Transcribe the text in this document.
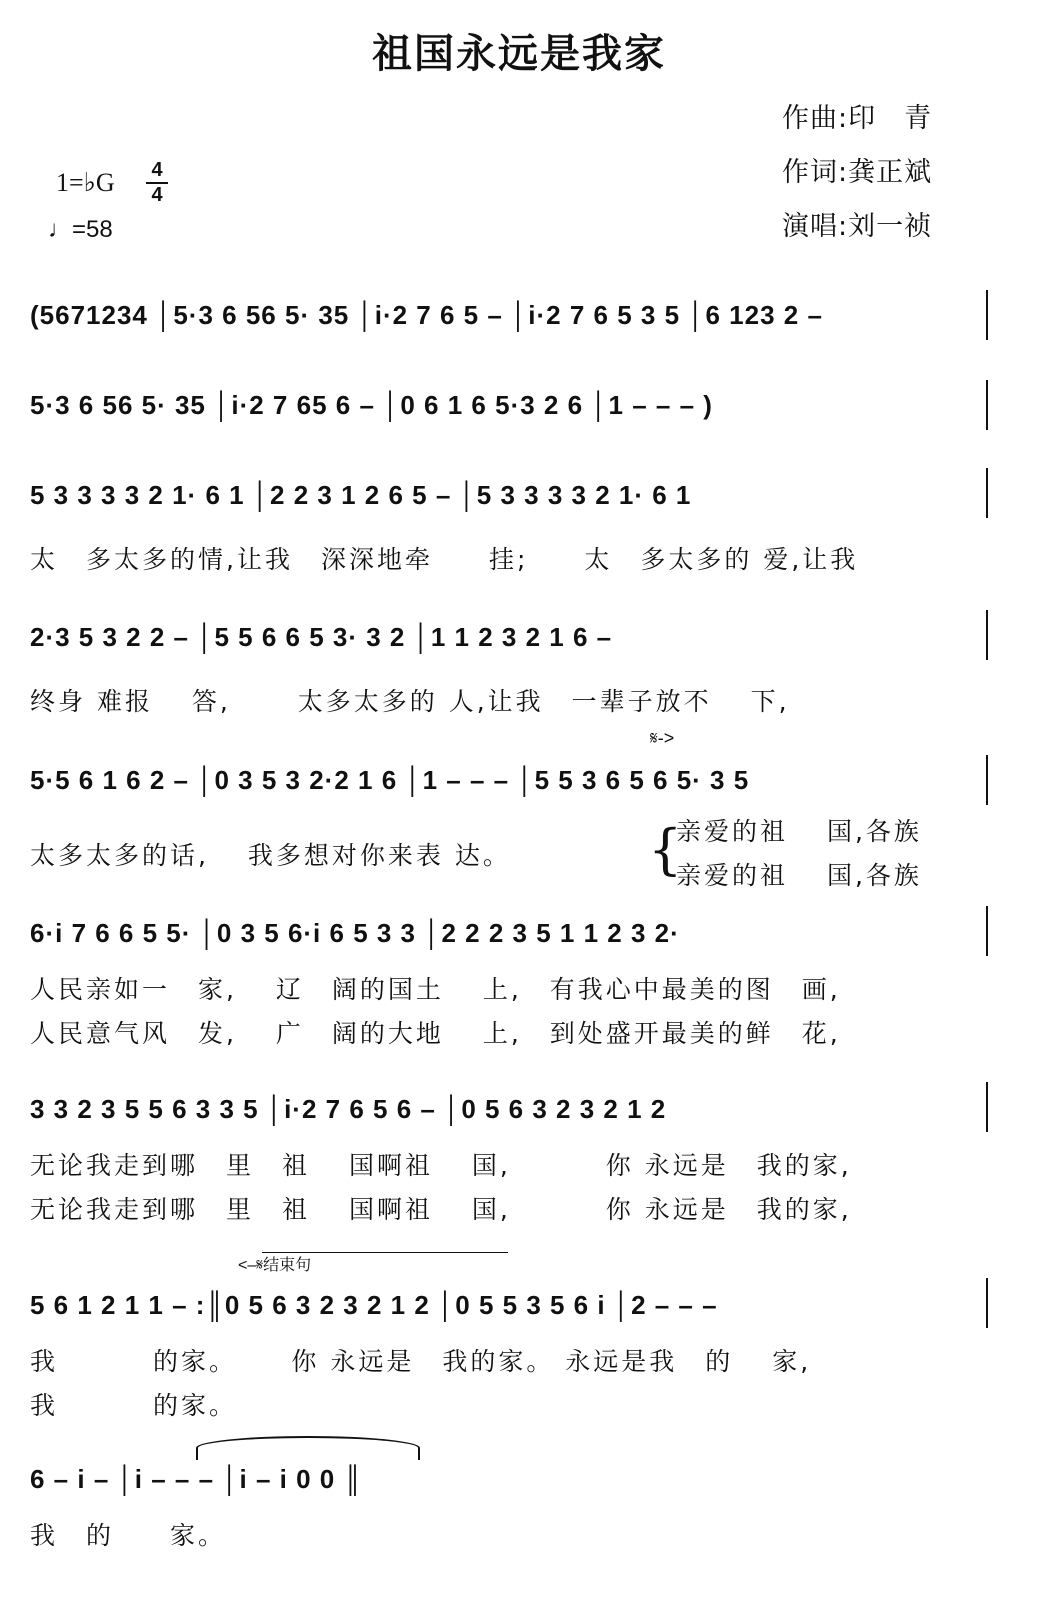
祖国永远是我家
作曲:印　青
作词:龚正斌
演唱:刘一祯
1=♭G 4
4
♩=58
(5671234 │5·3 6 56 5· 35 │i·2 7 6 5 – │i·2 7 6 5 3 5 │6 123 2 –
5·3 6 56 5· 35 │i·2 7 65 6 – │0 6 1 6 5·3 2 6 │1 – – – )
5 3 3 3 3 2 1· 6 1 │2 2 3 1 2 6 5 – │5 3 3 3 3 2 1· 6 1
太　多太多的情,让我　深深地牵　　挂;　　太　多太多的 爱,让我
2·3 5 3 2 2 – │5 5 6 6 5 3· 3 2 │1 1 2 3 2 1 6 –
终身 难报　 答,　　 太多太多的 人,让我　一辈子放不　 下,
𝄋->
5·5 6 1 6 2 – │0 3 5 3 2·2 1 6 │1 – – – │5 5 3 6 5 6 5· 3 5
太多太多的话,　 我多想对你来表 达。	{
亲爱的祖　 国,各族
亲爱的祖　 国,各族
6·i 7 6 6 5 5· │0 3 5 6·i 6 5 3 3 │2 2 2 3 5 1 1 2 3 2·
人民亲如一　家,　 辽　阔的国土　 上,　有我心中最美的图　画,
人民意气风　发,　 广　阔的大地　 上,　到处盛开最美的鲜　花,
3 3 2 3 5 5 6 3 3 5 │i·2 7 6 5 6 – │0 5 6 3 2 3 2 1 2
无论我走到哪　里　祖　 国啊祖　 国,　　　 你 永远是　我的家,
无论我走到哪　里　祖　 国啊祖　 国,　　　 你 永远是　我的家,
<–𝄋结束句
5 6 1 2 1 1 – :║0 5 6 3 2 3 2 1 2 │0 5 5 3 5 6 i │2 – – –
我　　　 的家。　　 你 永远是　我的家。 永远是我　的　 家,
我　　　 的家。
6 – i – │i – – – │i – i 0 0 ║
我　的　　家。
